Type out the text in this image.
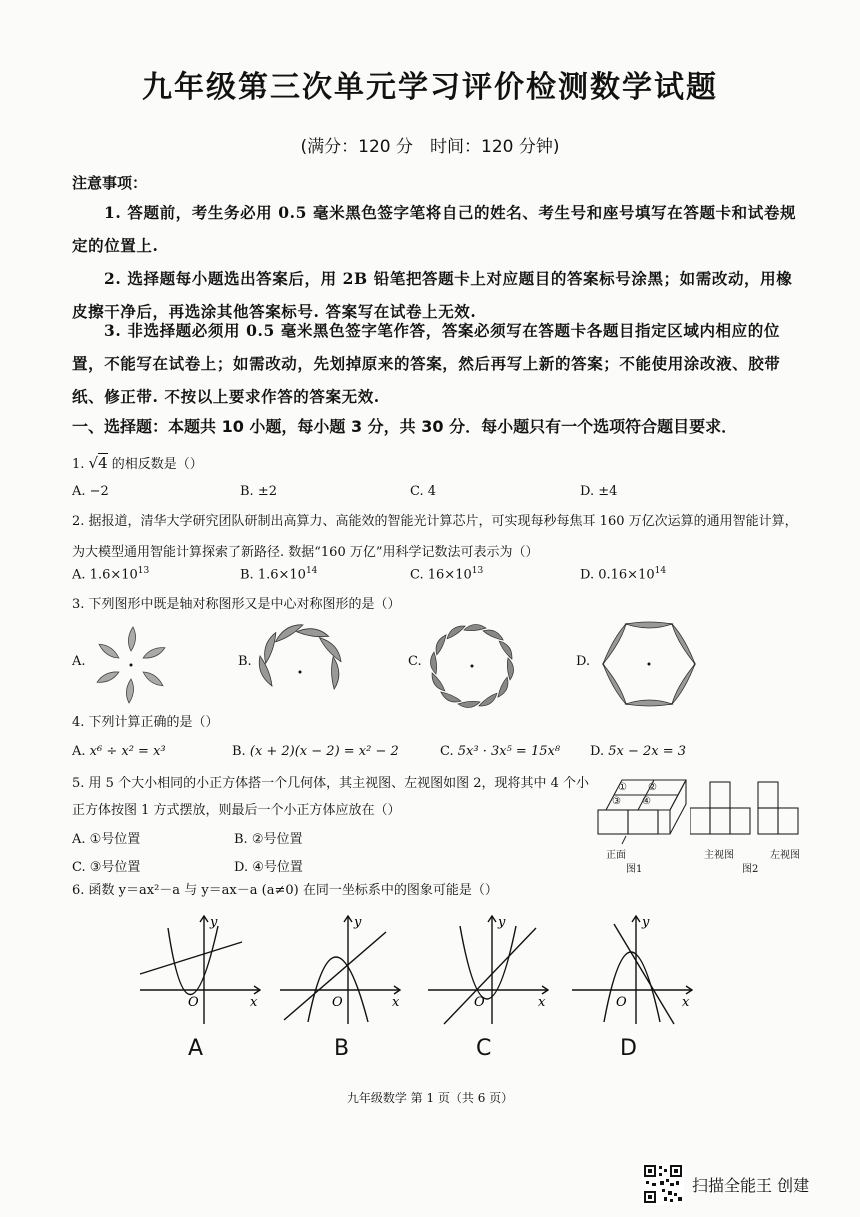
九年级第三次单元学习评价检测数学试题
(满分：120 分　时间：120 分钟)
注意事项：
1. 答题前，考生务必用 0.5 毫米黑色签字笔将自己的姓名、考生号和座号填写在答题卡和试卷规定的位置上.
2. 选择题每小题选出答案后，用 2B 铅笔把答题卡上对应题目的答案标号涂黑；如需改动，用橡皮擦干净后，再选涂其他答案标号. 答案写在试卷上无效.
3. 非选择题必须用 0.5 毫米黑色签字笔作答，答案必须写在答题卡各题目指定区域内相应的位置，不能写在试卷上；如需改动，先划掉原来的答案，然后再写上新的答案；不能使用涂改液、胶带纸、修正带. 不按以上要求作答的答案无效.
一、选择题：本题共 10 小题，每小题 3 分，共 30 分．每小题只有一个选项符合题目要求．
1. √4 的相反数是（）
A. −2	B. ±2	C. 4	D. ±4
2. 据报道，清华大学研究团队研制出高算力、高能效的智能光计算芯片，可实现每秒每焦耳 160 万亿次运算的通用智能计算，为大模型通用智能计算探索了新路径. 数据“160 万亿”用科学记数法可表示为（）
A. $1.6\times 10^{13}$	B. $1.6\times 10^{14}$	C. $16\times 10^{13}$	D. $0.16\times 10^{14}$
3. 下列图形中既是轴对称图形又是中心对称图形的是（）
A.	B.	C.	D.
4. 下列计算正确的是（）
A. x⁶ ÷ x² = x³	B. (x + 2)(x − 2) = x² − 2	C. 5x³ · 3x⁵ = 15x⁸ D. 5x − 2x = 3
5. 用 5 个大小相同的小正方体搭一个几何体，其主视图、左视图如图 2，现将其中 4 个小正方体按图 1 方式摆放，则最后一个小正方体应放在（）
A. ①号位置	B. ②号位置
C. ③号位置	D. ④号位置
① ②
③ ④
正面
图1
主视图	左视图
图2
6. 函数 y＝ax²－a 与 y＝ax－a (a≠0) 在同一坐标系中的图象可能是（）
y
x
O
A
y
x
O
B
y
x
O
C
y
x
O
D
九年级数学 第 1 页（共 6 页）
扫描全能王 创建
